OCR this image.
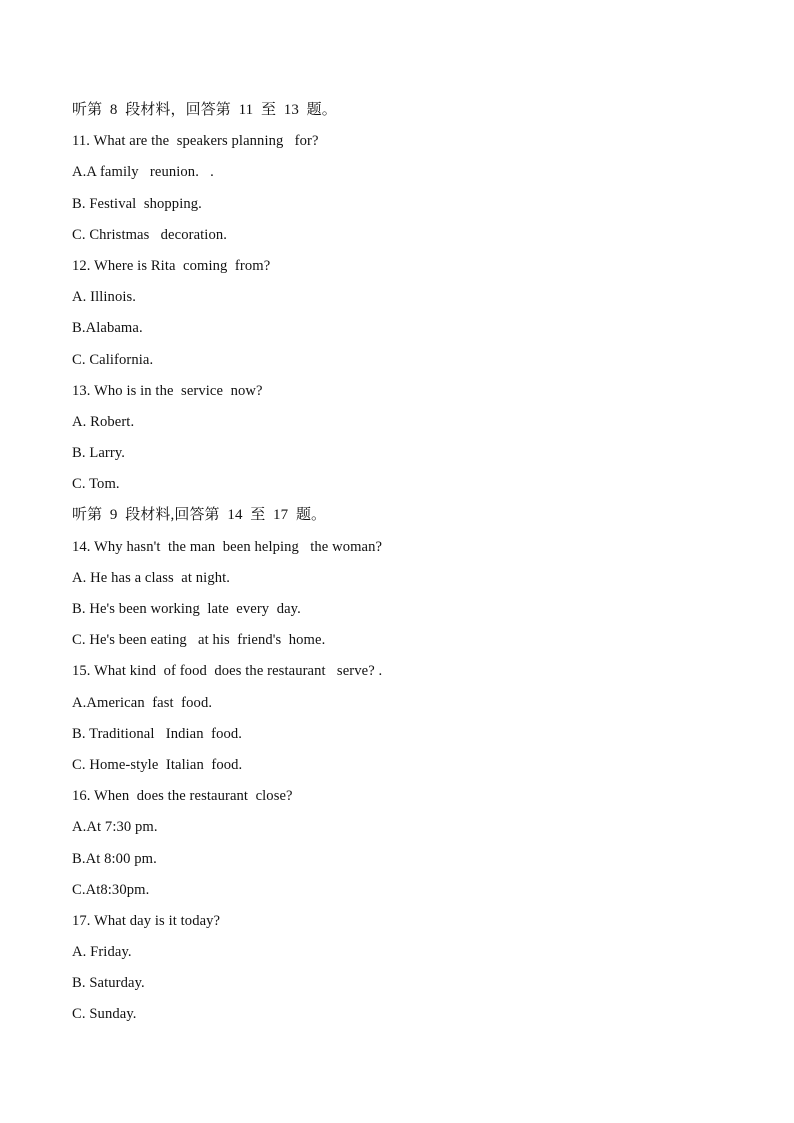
听第  8  段材料，回答第  11  至  13  题。
11. What are the  speakers planning   for?
A.A family   reunion.   .
B. Festival  shopping.
C. Christmas   decoration.
12. Where is Rita  coming  from?
A. Illinois.
B.Alabama.
C. California.
13. Who is in the  service  now?
A. Robert.
B. Larry.
C. Tom.
听第  9  段材料,回答第  14  至  17  题。
14. Why hasn't  the man  been helping   the woman?
A. He has a class  at night.
B. He's been working  late  every  day.
C. He's been eating   at his  friend's  home.
15. What kind  of food  does the restaurant   serve? .
A.American  fast  food.
B. Traditional   Indian  food.
C. Home-style  Italian  food.
16. When  does the restaurant  close?
A.At 7:30 pm.
B.At 8:00 pm.
C.At8:30pm.
17. What day is it today?
A. Friday.
B. Saturday.
C. Sunday.
